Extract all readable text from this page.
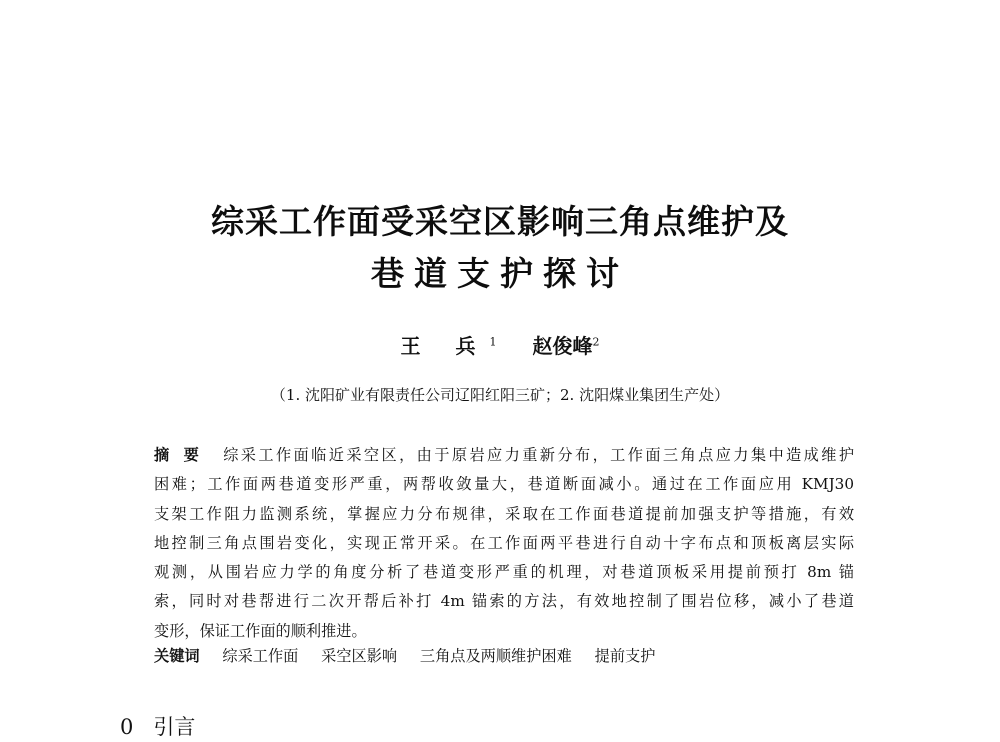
综采工作面受采空区影响三角点维护及
巷道支护探讨
王 兵$^1$ 赵俊峰$^2$
（1. 沈阳矿业有限责任公司辽阳红阳三矿；2. 沈阳煤业集团生产处）
摘要 综采工作面临近采空区，由于原岩应力重新分布，工作面三角点应力集中造成维护
困难；工作面两巷道变形严重，两帮收敛量大，巷道断面减小。通过在工作面应用 KMJ30
支架工作阻力监测系统，掌握应力分布规律，采取在工作面巷道提前加强支护等措施，有效
地控制三角点围岩变化，实现正常开采。在工作面两平巷进行自动十字布点和顶板离层实际
观测，从围岩应力学的角度分析了巷道变形严重的机理，对巷道顶板采用提前预打 8m 锚
索，同时对巷帮进行二次开帮后补打 4m 锚索的方法，有效地控制了围岩位移，减小了巷道
变形，保证工作面的顺利推进。
关键词 综采工作面 采空区影响 三角点及两顺维护困难 提前支护
0 引言
